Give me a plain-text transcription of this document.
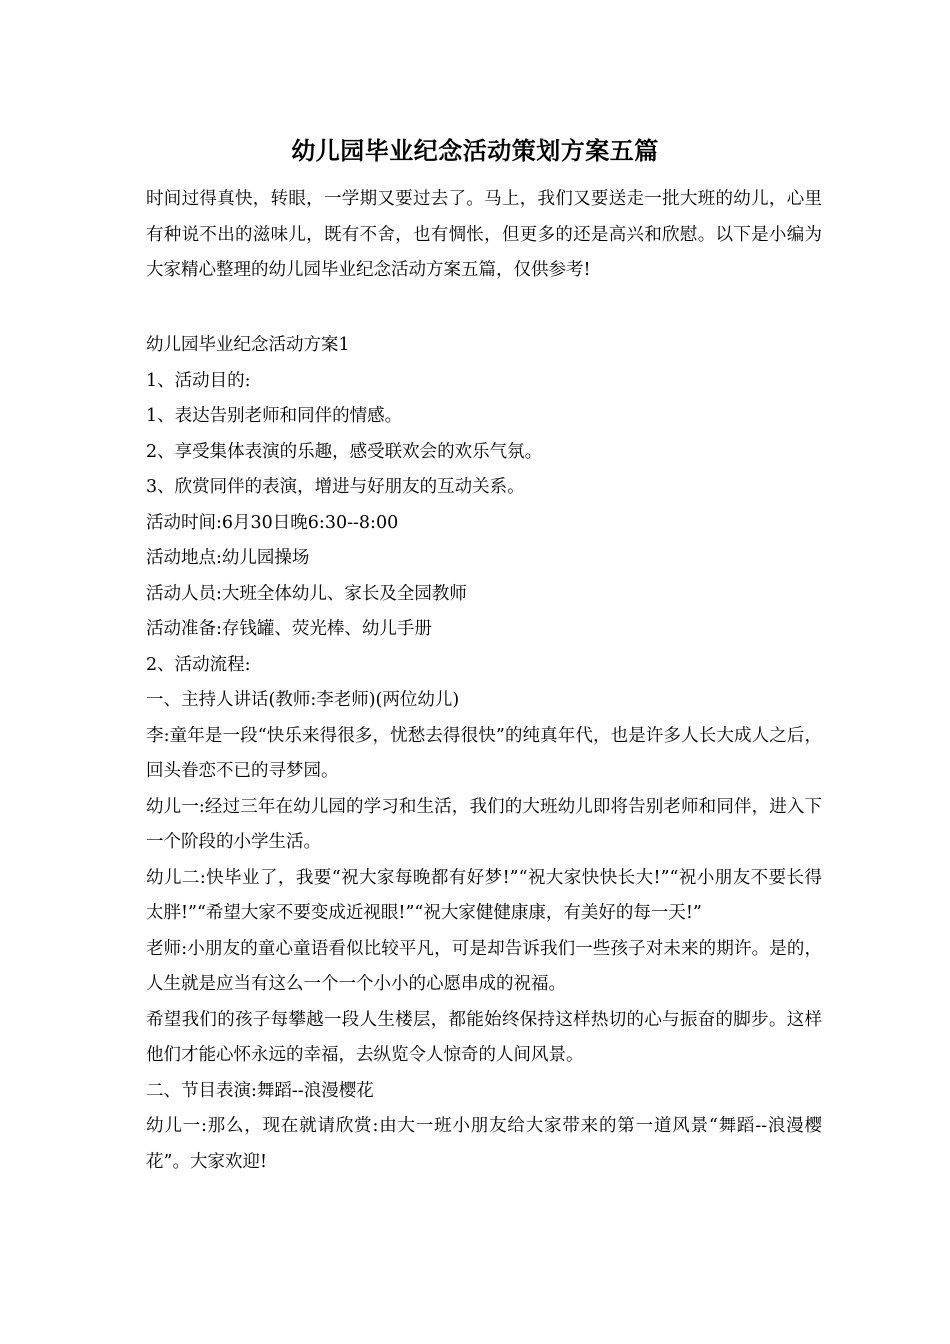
幼儿园毕业纪念活动策划方案五篇
时间过得真快，转眼，一学期又要过去了。马上，我们又要送走一批大班的幼儿，心里有种说不出的滋味儿，既有不舍，也有惆怅，但更多的还是高兴和欣慰。以下是小编为大家精心整理的幼儿园毕业纪念活动方案五篇，仅供参考!

幼儿园毕业纪念活动方案1

1、活动目的:

1、表达告别老师和同伴的情感。

2、享受集体表演的乐趣，感受联欢会的欢乐气氛。

3、欣赏同伴的表演，增进与好朋友的互动关系。

活动时间:6月30日晚6:30--8:00

活动地点:幼儿园操场

活动人员:大班全体幼儿、家长及全园教师

活动准备:存钱罐、荧光棒、幼儿手册

2、活动流程:

一、主持人讲话(教师:李老师)(两位幼儿)

李:童年是一段“快乐来得很多，忧愁去得很快”的纯真年代，也是许多人长大成人之后，回头眷恋不已的寻梦园。

幼儿一:经过三年在幼儿园的学习和生活，我们的大班幼儿即将告别老师和同伴，进入下一个阶段的小学生活。

幼儿二:快毕业了，我要“祝大家每晚都有好梦!”“祝大家快快长大!”“祝小朋友不要长得太胖!”“希望大家不要变成近视眼!”“祝大家健健康康，有美好的每一天!”

老师:小朋友的童心童语看似比较平凡，可是却告诉我们一些孩子对未来的期许。是的，人生就是应当有这么一个一个小小的心愿串成的祝福。

希望我们的孩子每攀越一段人生楼层，都能始终保持这样热切的心与振奋的脚步。这样他们才能心怀永远的幸福，去纵览令人惊奇的人间风景。

二、节目表演:舞蹈--浪漫樱花

幼儿一:那么，现在就请欣赏:由大一班小朋友给大家带来的第一道风景“舞蹈--浪漫樱花”。大家欢迎!
